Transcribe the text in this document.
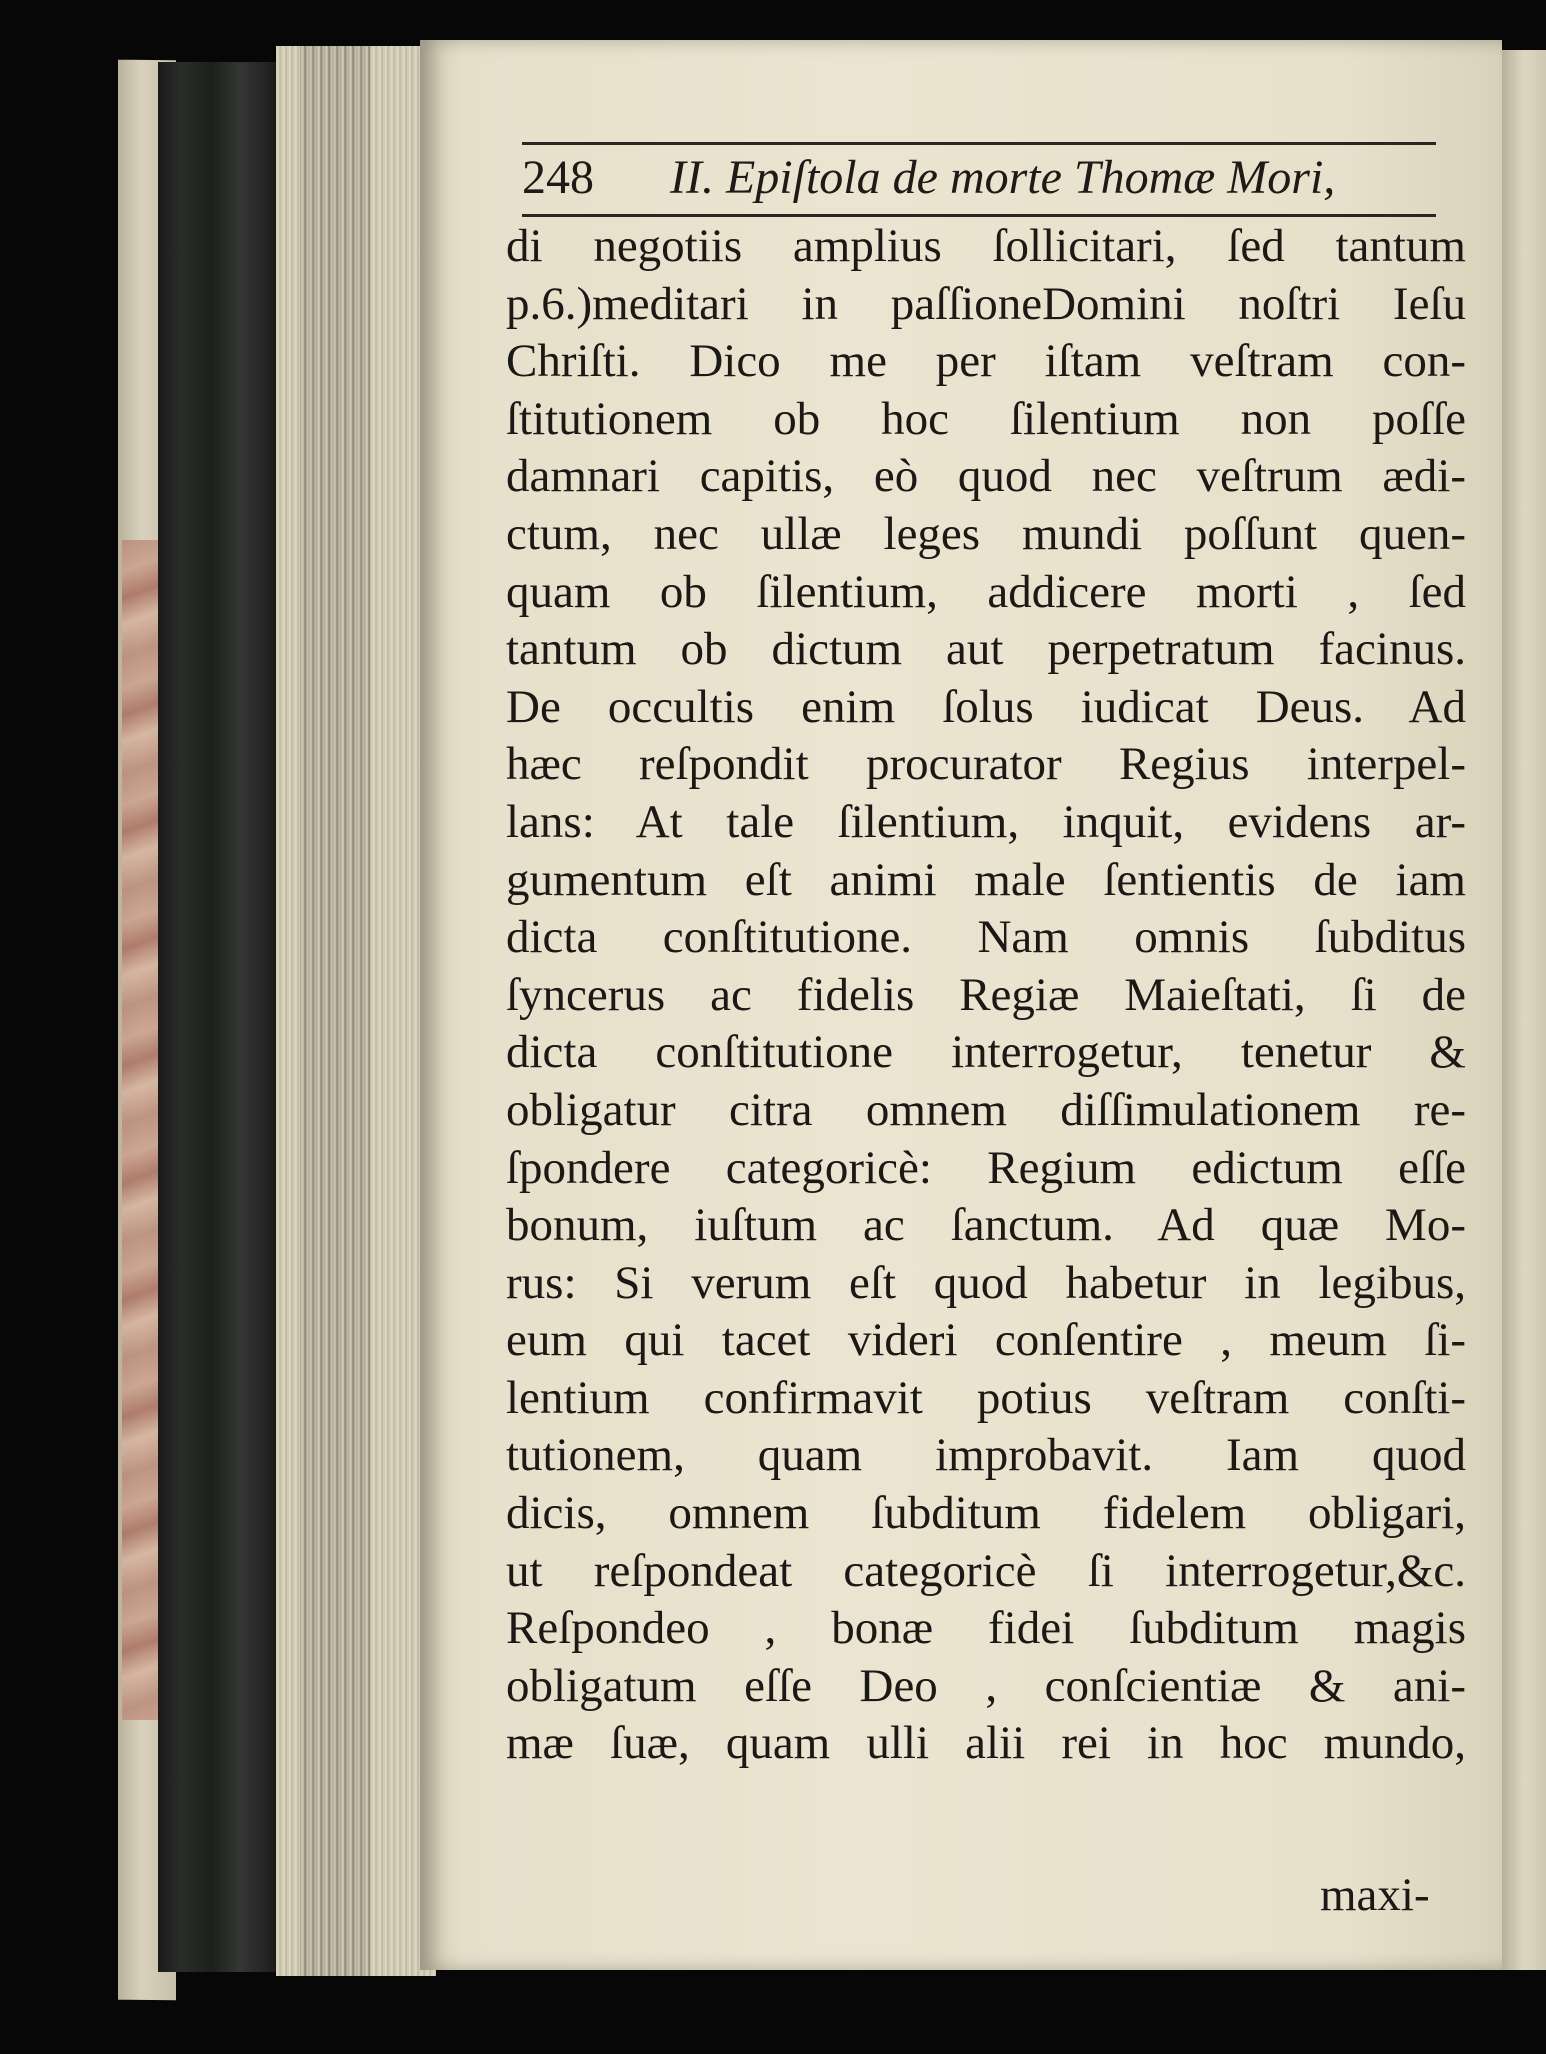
248 II. Epiſtola de morte Thomæ Mori,
di negotiis amplius ſollicitari, ſed tantum
p.6.)meditari in paſſioneDomini noſtri Ieſu
Chriſti. Dico me per iſtam veſtram con-
ſtitutionem ob hoc ſilentium non poſſe
damnari capitis, eò quod nec veſtrum ædi-
ctum, nec ullæ leges mundi poſſunt quen-
quam ob ſilentium, addicere morti , ſed
tantum ob dictum aut perpetratum facinus.
De occultis enim ſolus iudicat Deus. Ad
hæc reſpondit procurator Regius interpel-
lans: At tale ſilentium, inquit, evidens ar-
gumentum eſt animi male ſentientis de iam
dicta conſtitutione. Nam omnis ſubditus
ſyncerus ac fidelis Regiæ Maieſtati, ſi de
dicta conſtitutione interrogetur, tenetur &
obligatur citra omnem diſſimulationem re-
ſpondere categoricè: Regium edictum eſſe
bonum, iuſtum ac ſanctum. Ad quæ Mo-
rus: Si verum eſt quod habetur in legibus,
eum qui tacet videri conſentire , meum ſi-
lentium confirmavit potius veſtram conſti-
tutionem, quam improbavit. Iam quod
dicis, omnem ſubditum fidelem obligari,
ut reſpondeat categoricè ſi interrogetur,&c.
Reſpondeo , bonæ fidei ſubditum magis
obligatum eſſe Deo , conſcientiæ & ani-
mæ ſuæ, quam ulli alii rei in hoc mundo,
maxi-
